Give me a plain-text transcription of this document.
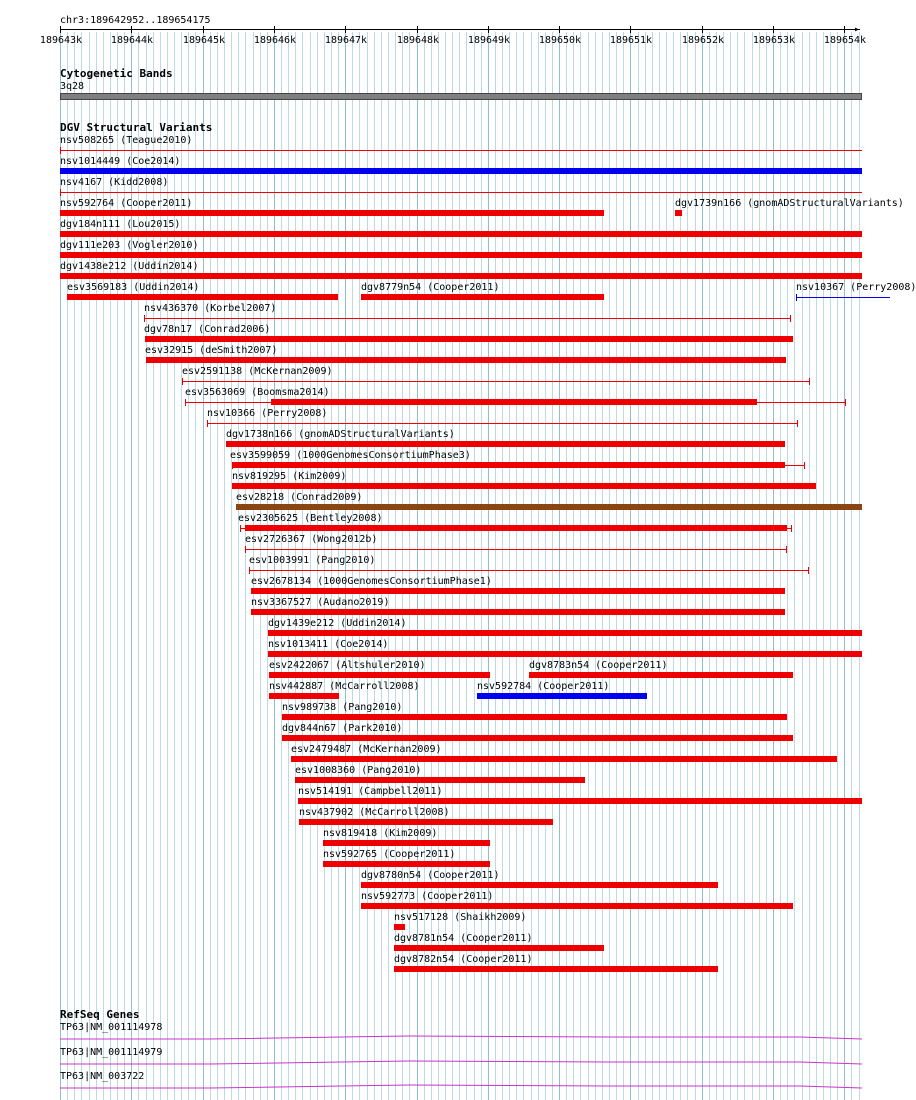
chr3:189642952..189654175
▸
189643k	189644k	189645k	189646k	189647k	189648k	189649k	189650k	189651k	189652k	189653k	189654k
Cytogenetic Bands
3q28
DGV Structural Variants
nsv508265 (Teague2010)
nsv1014449 (Coe2014)
nsv4167 (Kidd2008)
nsv592764 (Cooper2011)	dgv1739n166 (gnomADStructuralVariants)
dgv184n111 (Lou2015)
dgv111e203 (Vogler2010)
dgv1438e212 (Uddin2014)
esv3569183 (Uddin2014)	dgv8779n54 (Cooper2011)	nsv10367 (Perry2008)
nsv436370 (Korbel2007)
dgv78n17 (Conrad2006)
esv32915 (deSmith2007)
esv2591138 (McKernan2009)
esv3563069 (Boomsma2014)
nsv10366 (Perry2008)
dgv1738n166 (gnomADStructuralVariants)
esv3599059 (1000GenomesConsortiumPhase3)
nsv819295 (Kim2009)
esv28218 (Conrad2009)
esv2305625 (Bentley2008)
esv2726367 (Wong2012b)
esv1003991 (Pang2010)
esv2678134 (1000GenomesConsortiumPhase1)
nsv3367527 (Audano2019)
dgv1439e212 (Uddin2014)
nsv1013411 (Coe2014)
esv2422067 (Altshuler2010)	dgv8783n54 (Cooper2011)
nsv442887 (McCarroll2008)	nsv592784 (Cooper2011)
nsv989738 (Pang2010)
dgv844n67 (Park2010)
esv2479487 (McKernan2009)
esv1008360 (Pang2010)
nsv514191 (Campbell2011)
nsv437902 (McCarroll2008)
nsv819418 (Kim2009)
nsv592765 (Cooper2011)
dgv8780n54 (Cooper2011)
nsv592773 (Cooper2011)
nsv517128 (Shaikh2009)
dgv8781n54 (Cooper2011)
dgv8782n54 (Cooper2011)
RefSeq Genes
TP63|NM_001114978
TP63|NM_001114979
TP63|NM_003722
